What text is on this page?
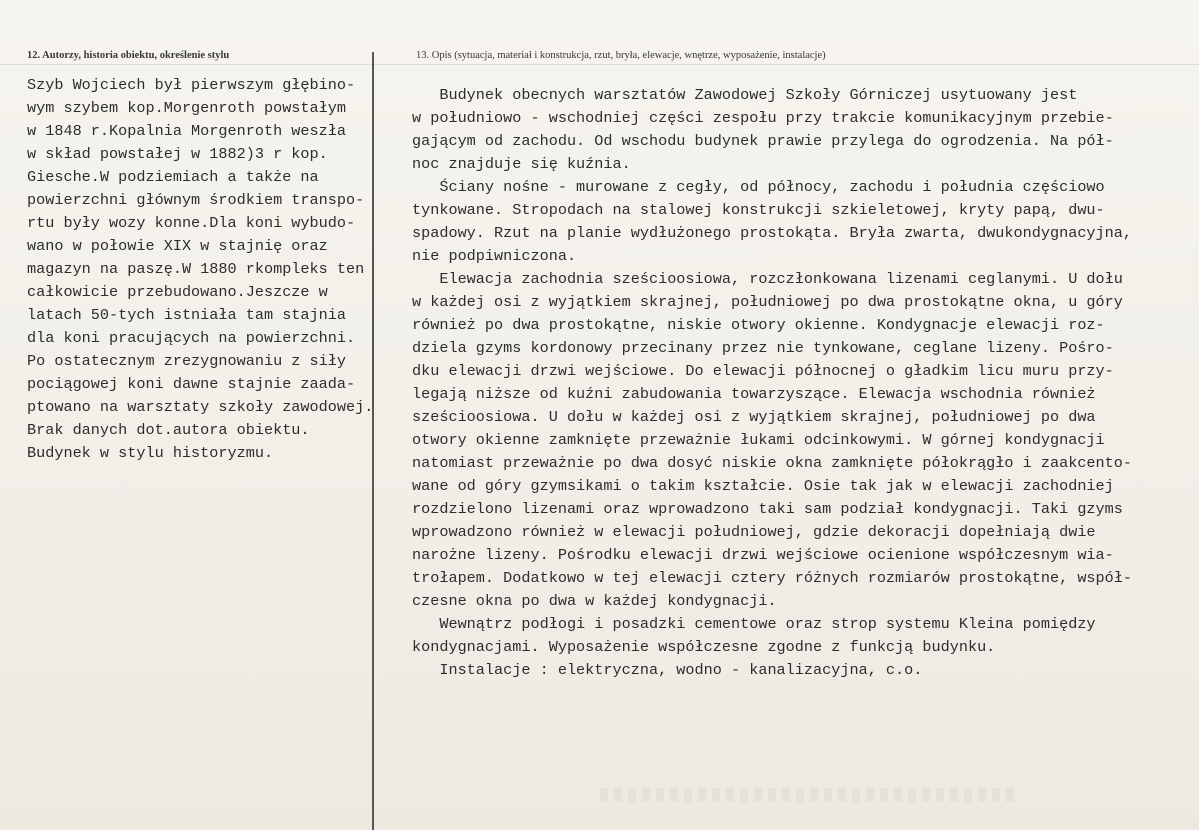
12. Autorzy, historia obiektu, określenie stylu	13. Opis (sytuacja, materiał i konstrukcja, rzut, bryła, elewacje, wnętrze, wyposażenie, instalacje)
Szyb Wojciech był pierwszym głębino-
wym szybem kop.Morgenroth powstałym
w 1848 r.Kopalnia Morgenroth weszła
w skład powstałej w 1882)3 r kop.
Giesche.W podziemiach a także na
powierzchni głównym środkiem transpo-
rtu były wozy konne.Dla koni wybudo-
wano w połowie XIX w stajnię oraz
magazyn na paszę.W 1880 rkompleks ten
całkowicie przebudowano.Jeszcze w
latach 50-tych istniała tam stajnia
dla koni pracujących na powierzchni.
Po ostatecznym zrezygnowaniu z siły
pociągowej koni dawne stajnie zaada-
ptowano na warsztaty szkoły zawodowej.
Brak danych dot.autora obiektu.
Budynek w stylu historyzmu.
Budynek obecnych warsztatów Zawodowej Szkoły Górniczej usytuowany jest
w południowo - wschodniej części zespołu przy trakcie komunikacyjnym przebie-
gającym od zachodu. Od wschodu budynek prawie przylega do ogrodzenia. Na pół-
noc znajduje się kuźnia.
Ściany nośne - murowane z cegły, od północy, zachodu i południa częściowo
tynkowane. Stropodach na stalowej konstrukcji szkieletowej, kryty papą, dwu-
spadowy. Rzut na planie wydłużonego prostokąta. Bryła zwarta, dwukondygnacyjna,
nie podpiwniczona.
Elewacja zachodnia sześcioosiowa, rozczłonkowana lizenami ceglanymi. U dołu
w każdej osi z wyjątkiem skrajnej, południowej po dwa prostokątne okna, u góry
również po dwa prostokątne, niskie otwory okienne. Kondygnacje elewacji roz-
dziela gzyms kordonowy przecinany przez nie tynkowane, ceglane lizeny. Pośro-
dku elewacji drzwi wejściowe. Do elewacji północnej o gładkim licu muru przy-
legają niższe od kuźni zabudowania towarzyszące. Elewacja wschodnia również
sześcioosiowa. U dołu w każdej osi z wyjątkiem skrajnej, południowej po dwa
otwory okienne zamknięte przeważnie łukami odcinkowymi. W górnej kondygnacji
natomiast przeważnie po dwa dosyć niskie okna zamknięte półokrągło i zaakcento-
wane od góry gzymsikami o takim kształcie. Osie tak jak w elewacji zachodniej
rozdzielono lizenami oraz wprowadzono taki sam podział kondygnacji. Taki gzyms
wprowadzono również w elewacji południowej, gdzie dekoracji dopełniają dwie
narożne lizeny. Pośrodku elewacji drzwi wejściowe ocienione współczesnym wia-
trołapem. Dodatkowo w tej elewacji cztery różnych rozmiarów prostokątne, współ-
czesne okna po dwa w każdej kondygnacji.
Wewnątrz podłogi i posadzki cementowe oraz strop systemu Kleina pomiędzy
kondygnacjami. Wyposażenie współczesne zgodne z funkcją budynku.
Instalacje : elektryczna, wodno - kanalizacyjna, c.o.
